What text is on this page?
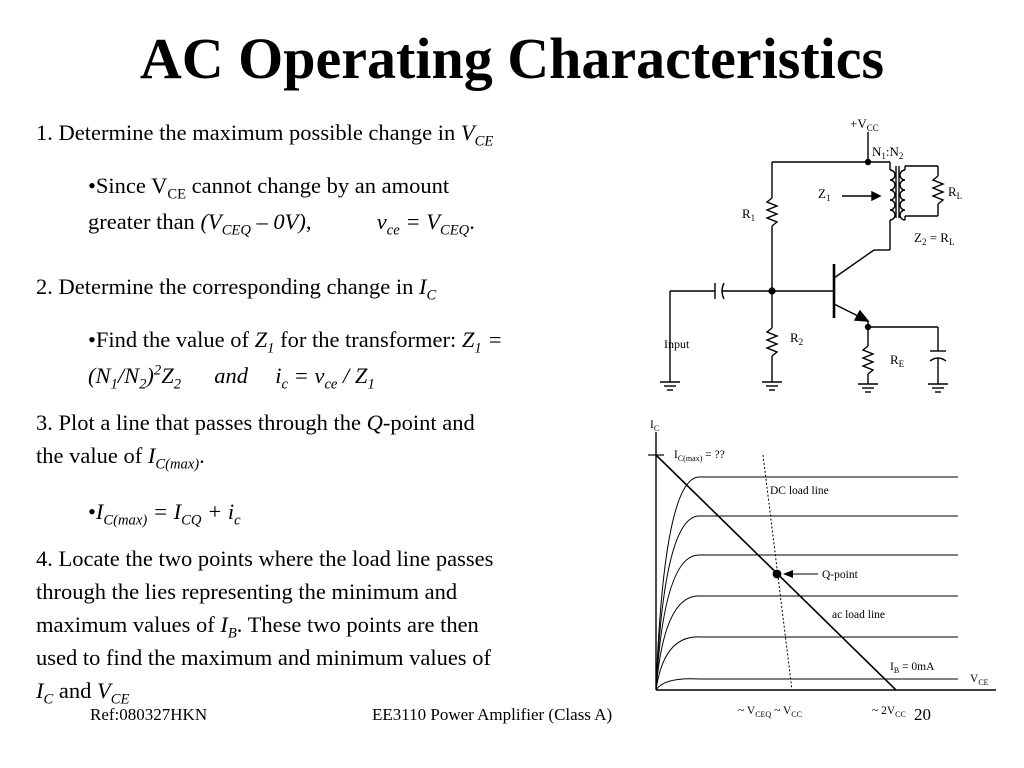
AC Operating Characteristics
1. Determine the maximum possible change in $V_{CE}$
•Since $V_{CE}$ cannot change by an amount
greater than $(V_{CEQ} - 0V)$,	$v_{ce} = V_{CEQ}$.
2. Determine the corresponding change in $I_C$
•Find the value of $Z_1$ for the transformer: $Z_1$ =
$(N_1/N_2)^2Z_2$ and $i_c = v_{ce} / Z_1$
3. Plot a line that passes through the Q-point and
the value of $I_{C(max)}$.
$•I_{C(max)} = I_{CQ} + i_c$
4. Locate the two points where the load line passes
through the lies representing the minimum and
maximum values of $I_B$. These two points are then
used to find the maximum and minimum values of
$I_C$ and $V_{CE}$
$+V_{CC}$
$N_1:N_2$
$Z_1$	$R_L$
$R_1$
$Z_2 = R_L$
$R_2$
$R_E$
Input
$I_C$
$I_{C(max)}$ = ??
DC load line
Q-point
ac load line
$I_B = 0mA$
$V_{CE}$
~ $V_{CEQ}$ ~ $V_{CC}$	~ $2V_{CC}$
Ref:080327HKN	EE3110 Power Amplifier (Class A)	20
